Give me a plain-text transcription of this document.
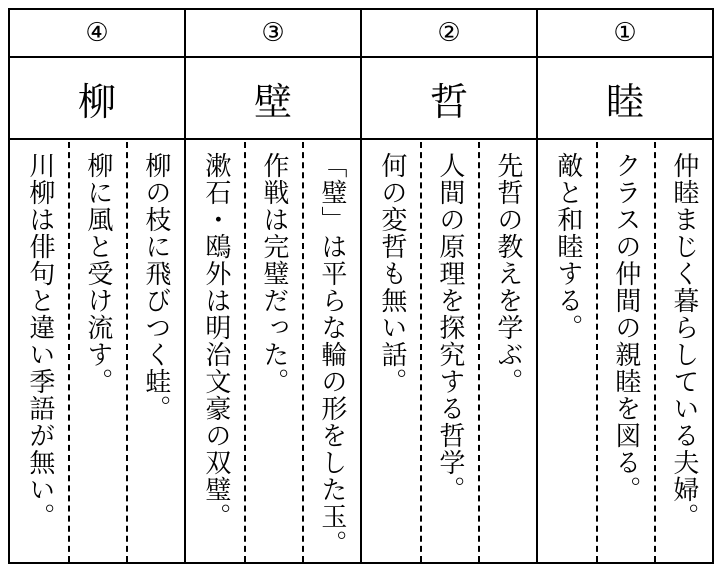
④
柳
川柳は俳句と違い季語が無い。 柳に風と受け流す。 柳の枝に飛びつく蛙。
③
壁
漱石・鴎外は明治文豪の双璧。 作戦は完璧だった。 「璧」は平らな輪の形をした玉。
②
哲
何の変哲も無い話。 人間の原理を探究する哲学。 先哲の教えを学ぶ。
①
睦
敵と和睦する。 クラスの仲間の親睦を図る。 仲睦まじく暮らしている夫婦。
